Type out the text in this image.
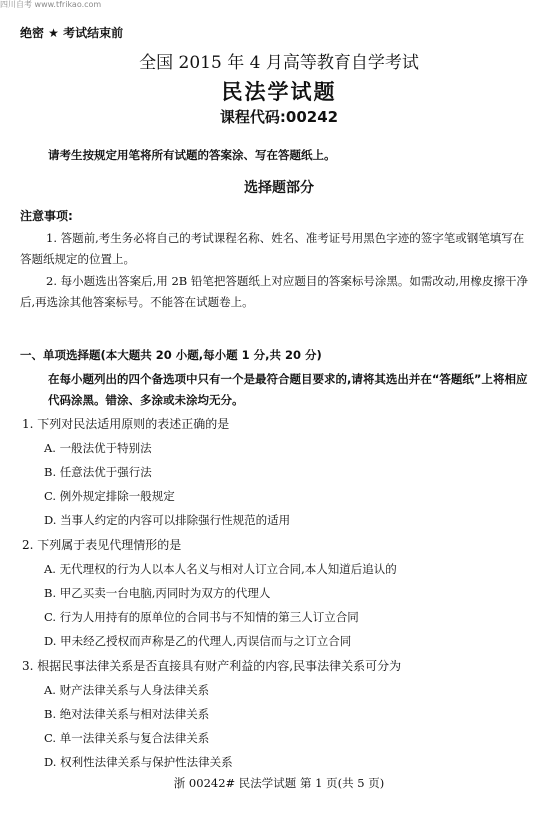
四川自考 www.tfrikao.com
绝密 ★ 考试结束前
全国 2015 年 4 月高等教育自学考试
民法学试题
课程代码:00242
请考生按规定用笔将所有试题的答案涂、写在答题纸上。
选择题部分
注意事项:
1. 答题前,考生务必将自己的考试课程名称、姓名、准考证号用黑色字迹的签字笔或钢笔填写在答题纸规定的位置上。
2. 每小题选出答案后,用 2B 铅笔把答题纸上对应题目的答案标号涂黑。如需改动,用橡皮擦干净后,再选涂其他答案标号。不能答在试题卷上。
一、单项选择题(本大题共 20 小题,每小题 1 分,共 20 分)
在每小题列出的四个备选项中只有一个是最符合题目要求的,请将其选出并在“答题纸”上将相应代码涂黑。错涂、多涂或未涂均无分。
1. 下列对民法适用原则的表述正确的是
A. 一般法优于特别法
B. 任意法优于强行法
C. 例外规定排除一般规定
D. 当事人约定的内容可以排除强行性规范的适用
2. 下列属于表见代理情形的是
A. 无代理权的行为人以本人名义与相对人订立合同,本人知道后追认的
B. 甲乙买卖一台电脑,丙同时为双方的代理人
C. 行为人用持有的原单位的合同书与不知情的第三人订立合同
D. 甲未经乙授权而声称是乙的代理人,丙误信而与之订立合同
3. 根据民事法律关系是否直接具有财产利益的内容,民事法律关系可分为
A. 财产法律关系与人身法律关系
B. 绝对法律关系与相对法律关系
C. 单一法律关系与复合法律关系
D. 权利性法律关系与保护性法律关系
浙 00242# 民法学试题 第 1 页(共 5 页)
